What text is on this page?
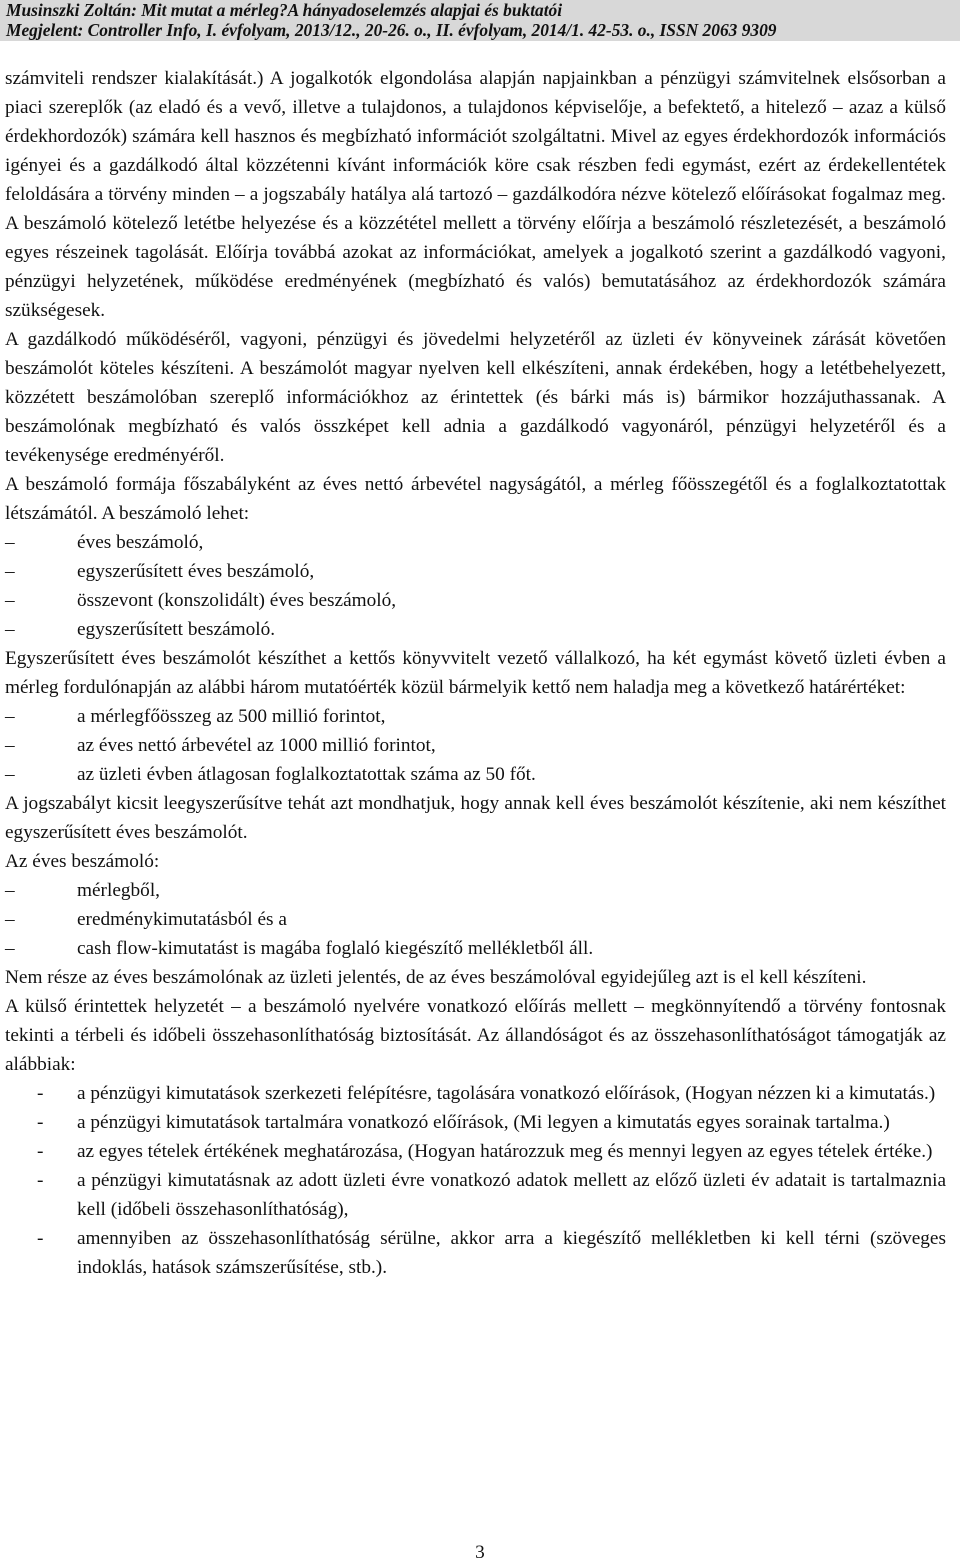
Musinszki Zoltán: Mit mutat a mérleg?A hányadoselemzés alapjai és buktatói
Megjelent: Controller Info, I. évfolyam, 2013/12., 20-26. o., II. évfolyam, 2014/1. 42-53. o., ISSN 2063 9309

számviteli rendszer kialakítását.) A jogalkotók elgondolása alapján napjainkban a pénzügyi számvitelnek elsősorban a piaci szereplők (az eladó és a vevő, illetve a tulajdonos, a tulajdonos képviselője, a befektető, a hitelező – azaz a külső érdekhordozók) számára kell hasznos és megbízható információt szolgáltatni. Mivel az egyes érdekhordozók információs igényei és a gazdálkodó által közzétenni kívánt információk köre csak részben fedi egymást, ezért az érdekellentétek feloldására a törvény minden – a jogszabály hatálya alá tartozó – gazdálkodóra nézve kötelező előírásokat fogalmaz meg. A beszámoló kötelező letétbe helyezése és a közzététel mellett a törvény előírja a beszámoló részletezését, a beszámoló egyes részeinek tagolását. Előírja továbbá azokat az információkat, amelyek a jogalkotó szerint a gazdálkodó vagyoni, pénzügyi helyzetének, működése eredményének (megbízható és valós) bemutatásához az érdekhordozók számára szükségesek.

A gazdálkodó működéséről, vagyoni, pénzügyi és jövedelmi helyzetéről az üzleti év könyveinek zárását követően beszámolót köteles készíteni. A beszámolót magyar nyelven kell elkészíteni, annak érdekében, hogy a letétbehelyezett, közzétett beszámolóban szereplő információkhoz az érintettek (és bárki más is) bármikor hozzájuthassanak. A beszámolónak megbízható és valós összképet kell adnia a gazdálkodó vagyonáról, pénzügyi helyzetéről és a tevékenysége eredményéről.

A beszámoló formája főszabályként az éves nettó árbevétel nagyságától, a mérleg főösszegétől és a foglalkoztatottak létszámától. A beszámoló lehet:

–	éves beszámoló,
–	egyszerűsített éves beszámoló,
–	összevont (konszolidált) éves beszámoló,
–	egyszerűsített beszámoló.

Egyszerűsített éves beszámolót készíthet a kettős könyvvitelt vezető vállalkozó, ha két egymást követő üzleti évben a mérleg fordulónapján az alábbi három mutatóérték közül bármelyik kettő nem haladja meg a következő határértéket:

–	a mérlegfőösszeg az 500 millió forintot,
–	az éves nettó árbevétel az 1000 millió forintot,
–	az üzleti évben átlagosan foglalkoztatottak száma az 50 főt.

A jogszabályt kicsit leegyszerűsítve tehát azt mondhatjuk, hogy annak kell éves beszámolót készítenie, aki nem készíthet egyszerűsített éves beszámolót.

Az éves beszámoló:

–	mérlegből,
–	eredménykimutatásból és a
–	cash flow-kimutatást is magába foglaló kiegészítő mellékletből áll.

Nem része az éves beszámolónak az üzleti jelentés, de az éves beszámolóval egyidejűleg azt is el kell készíteni.

A külső érintettek helyzetét – a beszámoló nyelvére vonatkozó előírás mellett – megkönnyítendő a törvény fontosnak tekinti a térbeli és időbeli összehasonlíthatóság biztosítását. Az állandóságot és az összehasonlíthatóságot támogatják az alábbiak:

- a pénzügyi kimutatások szerkezeti felépítésre, tagolására vonatkozó előírások, (Hogyan nézzen ki a kimutatás.)
- a pénzügyi kimutatások tartalmára vonatkozó előírások, (Mi legyen a kimutatás egyes sorainak tartalma.)
- az egyes tételek értékének meghatározása, (Hogyan határozzuk meg és mennyi legyen az egyes tételek értéke.)
- a pénzügyi kimutatásnak az adott üzleti évre vonatkozó adatok mellett az előző üzleti év adatait is tartalmaznia kell (időbeli összehasonlíthatóság),
- amennyiben az összehasonlíthatóság sérülne, akkor arra a kiegészítő mellékletben ki kell térni (szöveges indoklás, hatások számszerűsítése, stb.).
3
